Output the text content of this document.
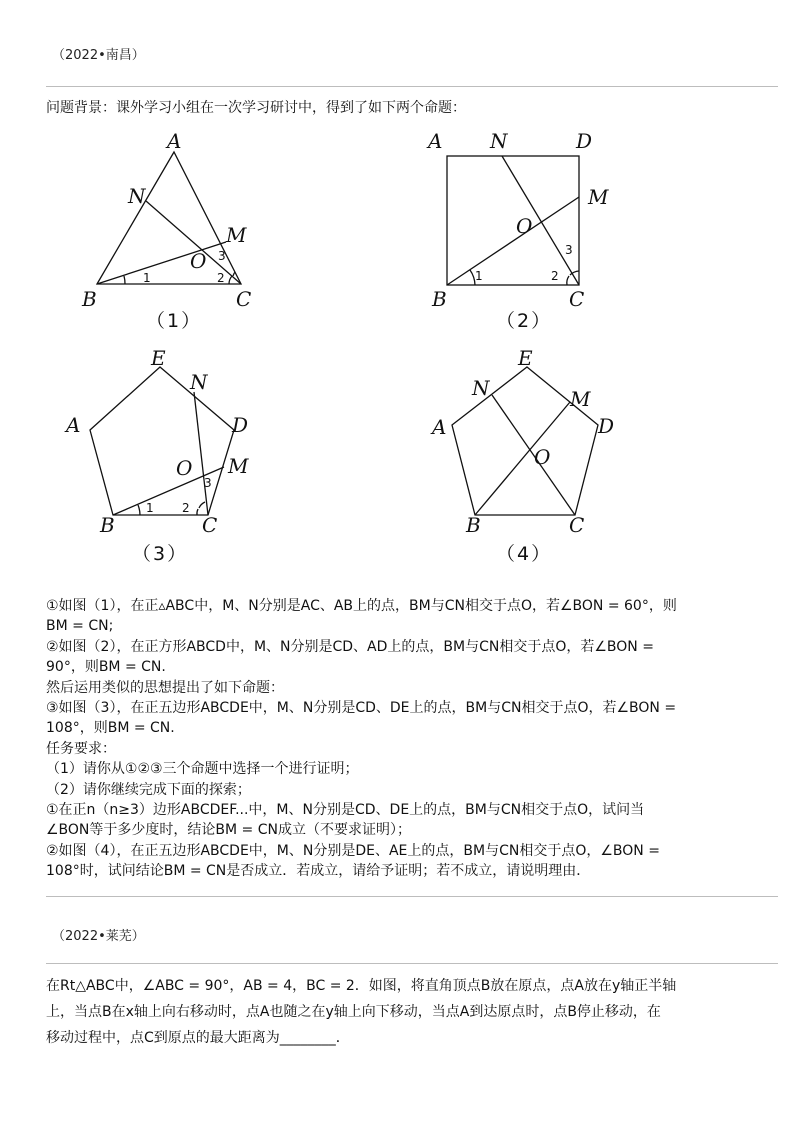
（2022•南昌）
问题背景：课外学习小组在一次学习研讨中，得到了如下两个命题：
A
N
M
O
B	C
1	2
3
（1）
A N	D
M
O
B	C
1	2
3
（2）
E
N
A	D
O M
B	C
1 2
3
（3）
E
N	M
A	D
O
B	C
（4）
①如图（1），在正▵ABC中，M、N分别是AC、AB上的点，BM与CN相交于点O，若∠BON = 60°，则
BM = CN;
②如图（2），在正方形ABCD中，M、N分别是CD、AD上的点，BM与CN相交于点O，若∠BON =
90°，则BM = CN.
然后运用类似的思想提出了如下命题：
③如图（3），在正五边形ABCDE中，M、N分别是CD、DE上的点，BM与CN相交于点O，若∠BON =
108°，则BM = CN.
任务要求：
（1）请你从①②③三个命题中选择一个进行证明；
（2）请你继续完成下面的探索；
①在正n（n≥3）边形ABCDEF...中，M、N分别是CD、DE上的点，BM与CN相交于点O，试问当
∠BON等于多少度时，结论BM = CN成立（不要求证明）；
②如图（4），在正五边形ABCDE中，M、N分别是DE、AE上的点，BM与CN相交于点O，∠BON =
108°时，试问结论BM = CN是否成立．若成立，请给予证明；若不成立，请说明理由．
（2022•莱芜）
在Rt△ABC中，∠ABC = 90°，AB = 4，BC = 2．如图，将直角顶点B放在原点，点A放在y轴正半轴
上，当点B在x轴上向右移动时，点A也随之在y轴上向下移动，当点A到达原点时，点B停止移动，在
移动过程中，点C到原点的最大距离为________．
